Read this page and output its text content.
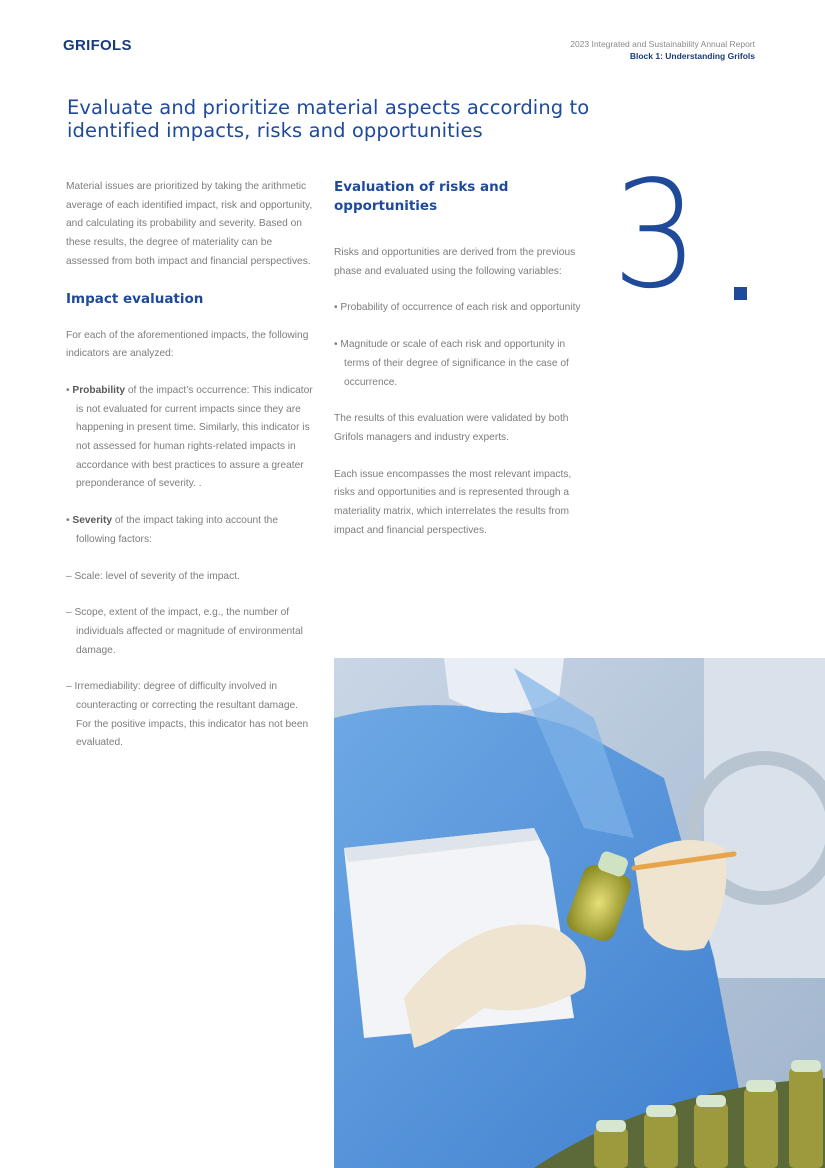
GRIFOLS	2023 Integrated and Sustainability Annual Report
Block 1: Understanding Grifols
Evaluate and prioritize material aspects according to identified impacts, risks and opportunities

Material issues are prioritized by taking the arithmetic average of each identified impact, risk and opportunity, and calculating its probability and severity. Based on these results, the degree of materiality can be assessed from both impact and financial perspectives.

Impact evaluation

For each of the aforementioned impacts, the following indicators are analyzed:

• Probability of the impact’s occurrence: This indicator is not evaluated for current impacts since they are happening in present time. Similarly, this indicator is not assessed for human rights-related impacts in accordance with best practices to assure a greater preponderance of severity. .

• Severity of the impact taking into account the following factors:

– Scale: level of severity of the impact.

– Scope, extent of the impact, e.g., the number of individuals affected or magnitude of environmental damage.

– Irremediability: degree of difficulty involved in counteracting or correcting the resultant damage. For the positive impacts, this indicator has not been evaluated.

Evaluation of risks and opportunities

Risks and opportunities are derived from the previous phase and evaluated using the following variables:

• Probability of occurrence of each risk and opportunity

• Magnitude or scale of each risk and opportunity in terms of their degree of significance in the case of occurrence.

The results of this evaluation were validated by both Grifols managers and industry experts.

Each issue encompasses the most relevant impacts, risks and opportunities and is represented through a materiality matrix, which interrelates the results from impact and financial perspectives.

3
